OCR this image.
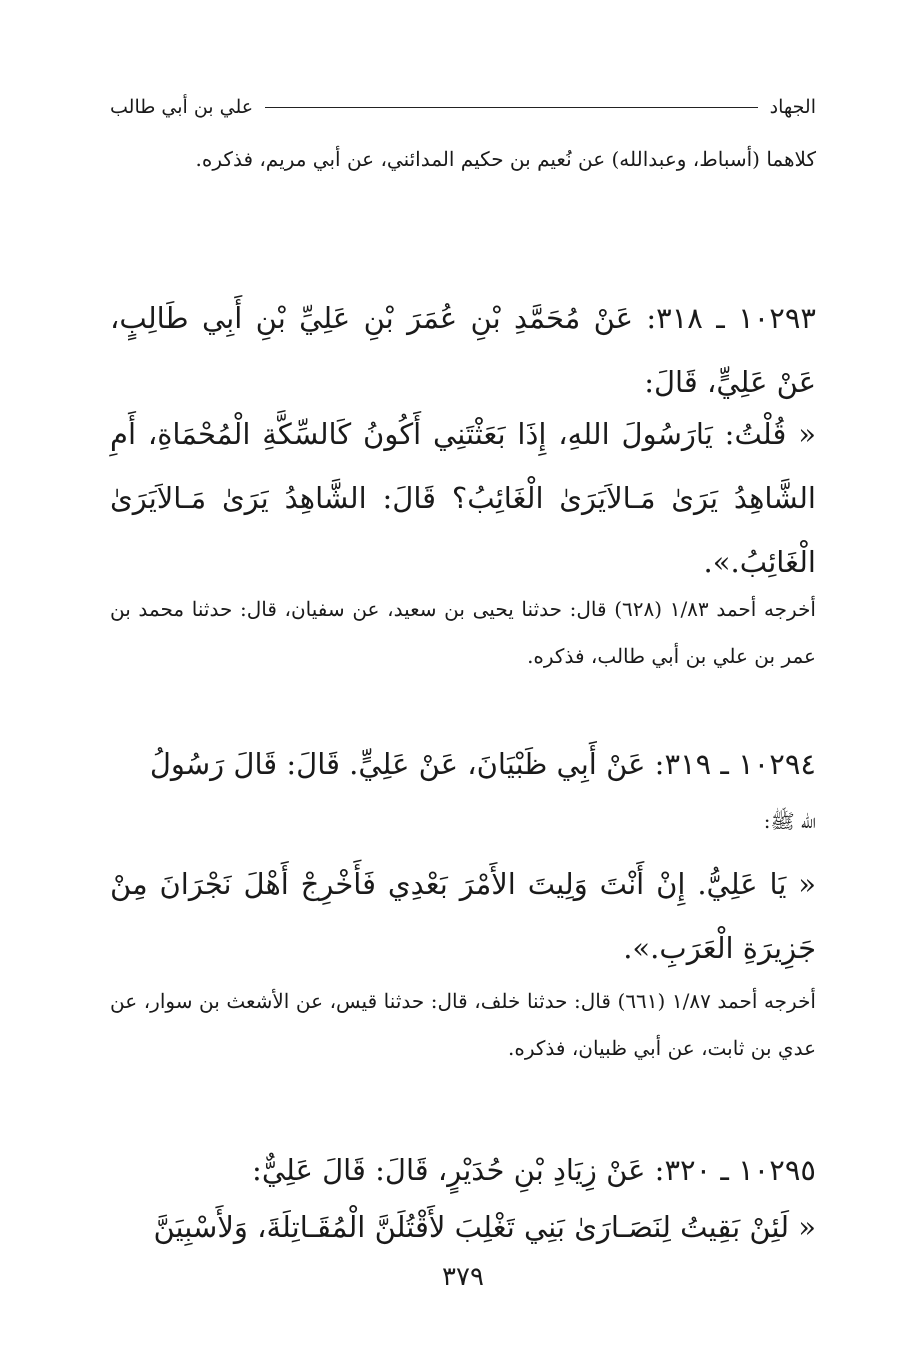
الجهاد
علي بن أبي طالب
كلاهما (أسباط، وعبدالله) عن نُعيم بن حكيم المدائني، عن أبي مريم، فذكره.
١٠٢٩٣ ـ ٣١٨: عَنْ مُحَمَّدِ بْنِ عُمَرَ بْنِ عَلِيِّ بْنِ أَبِي طَالِبٍ، عَنْ عَلِيٍّ، قَالَ:
« قُلْتُ: يَارَسُولَ اللهِ، إِذَا بَعَثْتَنِي أَكُونُ كَالسِّكَّةِ الْمُحْمَاةِ، أَمِ الشَّاهِدُ يَرَىٰ مَـالاَيَرَىٰ الْغَائِبُ؟ قَالَ: الشَّاهِدُ يَرَىٰ مَـالاَيَرَىٰ الْغَائِبُ.».
أخرجه أحمد ١/٨٣ (٦٢٨) قال: حدثنا يحيى بن سعيد، عن سفيان، قال: حدثنا محمد بن عمر بن علي بن أبي طالب، فذكره.
١٠٢٩٤ ـ ٣١٩: عَنْ أَبِي ظَبْيَانَ، عَنْ عَلِيٍّ. قَالَ: قَالَ رَسُولُ
الله ﷺ:
« يَا عَلِيُّ. إِنْ أَنْتَ وَلِيتَ الأَمْرَ بَعْدِي فَأَخْرِجْ أَهْلَ نَجْرَانَ مِنْ جَزِيرَةِ الْعَرَبِ.».
أخرجه أحمد ١/٨٧ (٦٦١) قال: حدثنا خلف، قال: حدثنا قيس، عن الأشعث بن سوار، عن عدي بن ثابت، عن أبي ظبيان، فذكره.
١٠٢٩٥ ـ ٣٢٠: عَنْ زِيَادِ بْنِ حُدَيْرٍ، قَالَ: قَالَ عَلِيٌّ:
« لَئِنْ بَقِيتُ لِنَصَـارَىٰ بَنِي تَغْلِبَ لأَقْتُلَنَّ الْمُقَـاتِلَةَ، وَلأَسْبِيَنَّ
٣٧٩
